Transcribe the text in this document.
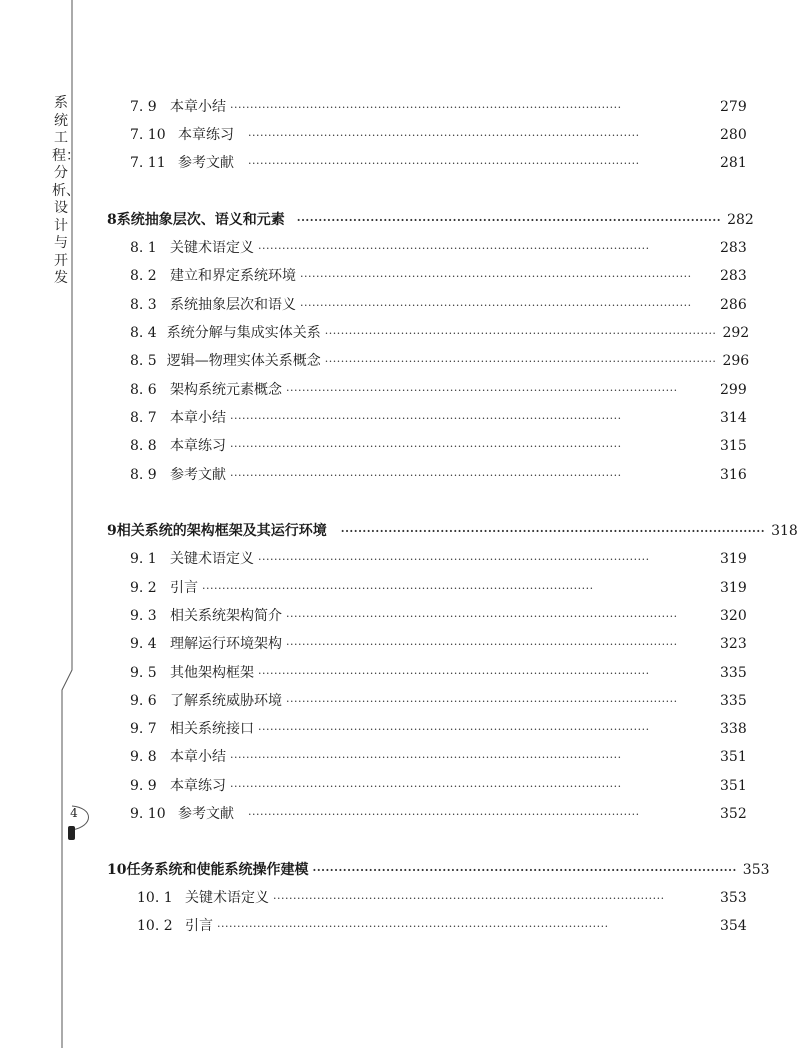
系统工程：分析、设计与开发
4
7. 9 本章小结 ··································································································	279
7. 10 本章练习 ··································································································	280
7. 11 参考文献 ··································································································	281
8 系统抽象层次、语义和元素 ·································································································· 282
8. 1 关键术语定义 ··································································································	283
8. 2 建立和界定系统环境 ··································································································	283
8. 3 系统抽象层次和语义 ··································································································	286
8. 4 系统分解与集成实体关系 ·································································································· 292
8. 5 逻辑—物理实体关系概念 ·································································································· 296
8. 6 架构系统元素概念 ··································································································	299
8. 7 本章小结 ··································································································	314
8. 8 本章练习 ··································································································	315
8. 9 参考文献 ··································································································	316
9 相关系统的架构框架及其运行环境 ·································································································· 318
9. 1 关键术语定义 ··································································································	319
9. 2 引言 ··································································································	319
9. 3 相关系统架构简介 ··································································································	320
9. 4 理解运行环境架构 ··································································································	323
9. 5 其他架构框架 ··································································································	335
9. 6 了解系统威胁环境 ··································································································	335
9. 7 相关系统接口 ··································································································	338
9. 8 本章小结 ··································································································	351
9. 9 本章练习 ··································································································	351
9. 10 参考文献 ··································································································	352
10 任务系统和使能系统操作建模 ·································································································· 353
10. 1 关键术语定义 ··································································································	353
10. 2 引言 ··································································································	354
